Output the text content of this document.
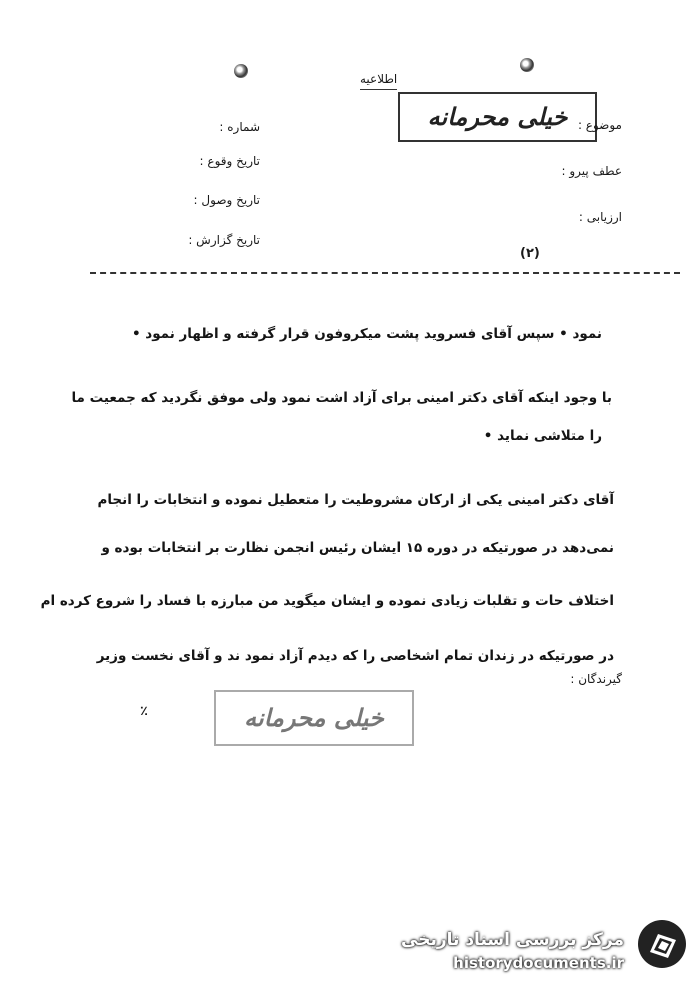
اطلاعیه
خیلی محرمانه
شماره :
تاریخ وقوع :
تاریخ وصول :
تاریخ گزارش :
موضوع :
عطف پیرو :
ارزیابی :
(۲)
نمود • سپس آقای فسروید پشت میکروفون قرار گرفته و اظهار نمود •
با وجود اینکه آقای دکتر امینی برای آزاد اشت نمود ولی موفق نگردید که جمعیت ما
را متلاشی نماید •
آقای دکتر امینی یکی از ارکان مشروطیت را متعطیل نموده و انتخابات را انجام
نمی‌دهد در صورتیکه در دوره ۱۵ ایشان رئیس انجمن نظارت بر انتخابات بوده و
اختلاف حات و تقلبات زیادی نموده و ایشان میگوید من مبارزه با فساد را شروع کرده ام
در صورتیکه در زندان تمام اشخاصی را که دیدم آزاد نمود ند و آقای نخست وزیر
گیرندگان :
٪	خیلی محرمانه
مرکز بررسی اسناد تاریخی
historydocuments.ir
